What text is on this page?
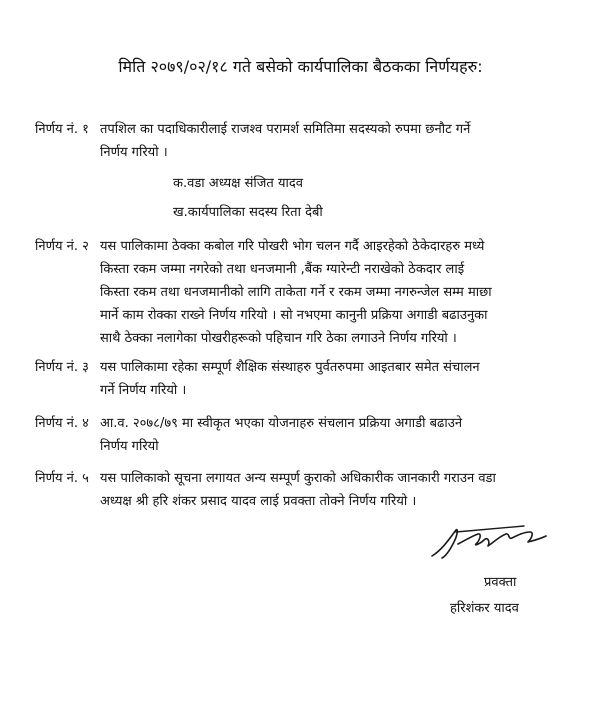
मिति २०७९/०२/१८ गते बसेको कार्यपालिका बैठकका निर्णयहरु:
निर्णय नं. १ तपशिल का पदाधिकारीलाई राजश्व परामर्श समितिमा सदस्यको रुपमा छनौट गर्ने
निर्णय गरियो ।
क.वडा अध्यक्ष संजित यादव
ख.कार्यपालिका सदस्य रिता देबी
निर्णय नं. २ यस पालिकामा ठेक्का कबोल गरि पोखरी भोग चलन गर्दै आइरहेको ठेकेदारहरु मध्ये
किस्ता रकम जम्मा नगरेको तथा धनजमानी ,बैंक ग्यारेन्टी नराखेको ठेकदार लाई
किस्ता रकम तथा धनजमानीको लागि ताकेता गर्ने र रकम जम्मा नगरुन्जेल सम्म माछा
मार्ने काम रोक्का राख्ने निर्णय गरियो । सो नभएमा कानुनी प्रक्रिया अगाडी बढाउनुका
साथै ठेक्का नलागेका पोखरीहरूको पहिचान गरि ठेका लगाउने निर्णय गरियो ।
निर्णय नं. ३ यस पालिकामा रहेका सम्पूर्ण शैक्षिक संस्थाहरु पुर्वतरुपमा आइतबार समेत संचालन
गर्ने निर्णय गरियो ।
निर्णय नं. ४ आ.व. २०७८/७९ मा स्वीकृत भएका योजनाहरु संचलान प्रक्रिया अगाडी बढाउने
निर्णय गरियो
निर्णय नं. ५ यस पालिकाको सूचना लगायत अन्य सम्पूर्ण कुराको अधिकारीक जानकारी गराउन वडा
अध्यक्ष श्री हरि शंकर प्रसाद यादव लाई प्रवक्ता तोक्ने निर्णय गरियो ।
प्रवक्ता
हरिशंकर यादव
